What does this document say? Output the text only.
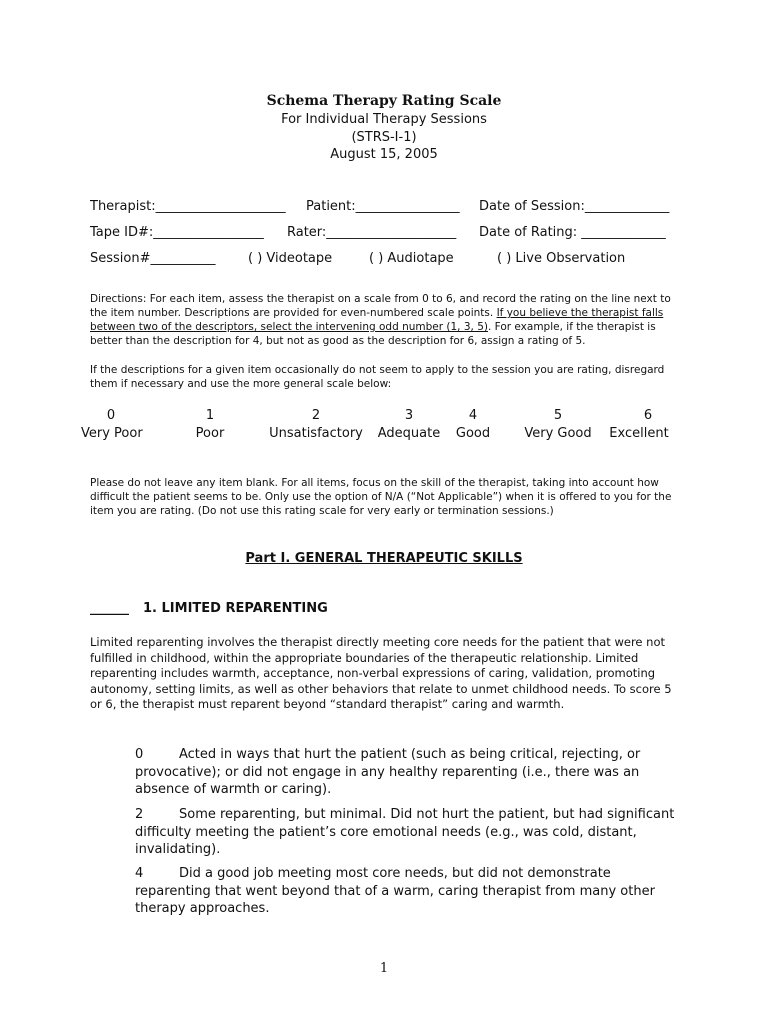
Schema Therapy Rating Scale
For Individual Therapy Sessions
(STRS-I-1)
August 15, 2005
Therapist:____________________ Patient:________________ Date of Session:_____________
Tape ID#:_________________ Rater:____________________ Date of Rating: _____________
Session#__________	( ) Videotape	( ) Audiotape	( ) Live Observation
Directions: For each item, assess the therapist on a scale from 0 to 6, and record the rating on the line next to the item number. Descriptions are provided for even-numbered scale points. If you believe the therapist falls between two of the descriptors, select the intervening odd number (1, 3, 5). For example, if the therapist is better than the description for 4, but not as good as the description for 6, assign a rating of 5.
If the descriptions for a given item occasionally do not seem to apply to the session you are rating, disregard them if necessary and use the more general scale below:
0	1	2	3	4	5	6
Very Poor	Poor	Unsatisfactory	Adequate	Good	Very Good	Excellent
Please do not leave any item blank. For all items, focus on the skill of the therapist, taking into account how difficult the patient seems to be. Only use the option of N/A (“Not Applicable”) when it is offered to you for the item you are rating. (Do not use this rating scale for very early or termination sessions.)
Part I. GENERAL THERAPEUTIC SKILLS
______ 1. LIMITED REPARENTING
Limited reparenting involves the therapist directly meeting core needs for the patient that were not fulfilled in childhood, within the appropriate boundaries of the therapeutic relationship. Limited reparenting includes warmth, acceptance, non-verbal expressions of caring, validation, promoting autonomy, setting limits, as well as other behaviors that relate to unmet childhood needs. To score 5 or 6, the therapist must reparent beyond “standard therapist” caring and warmth.
0	Acted in ways that hurt the patient (such as being critical, rejecting, or provocative); or did not engage in any healthy reparenting (i.e., there was an absence of warmth or caring).
2	Some reparenting, but minimal. Did not hurt the patient, but had significant difficulty meeting the patient’s core emotional needs (e.g., was cold, distant, invalidating).
4	Did a good job meeting most core needs, but did not demonstrate reparenting that went beyond that of a warm, caring therapist from many other therapy approaches.
1
